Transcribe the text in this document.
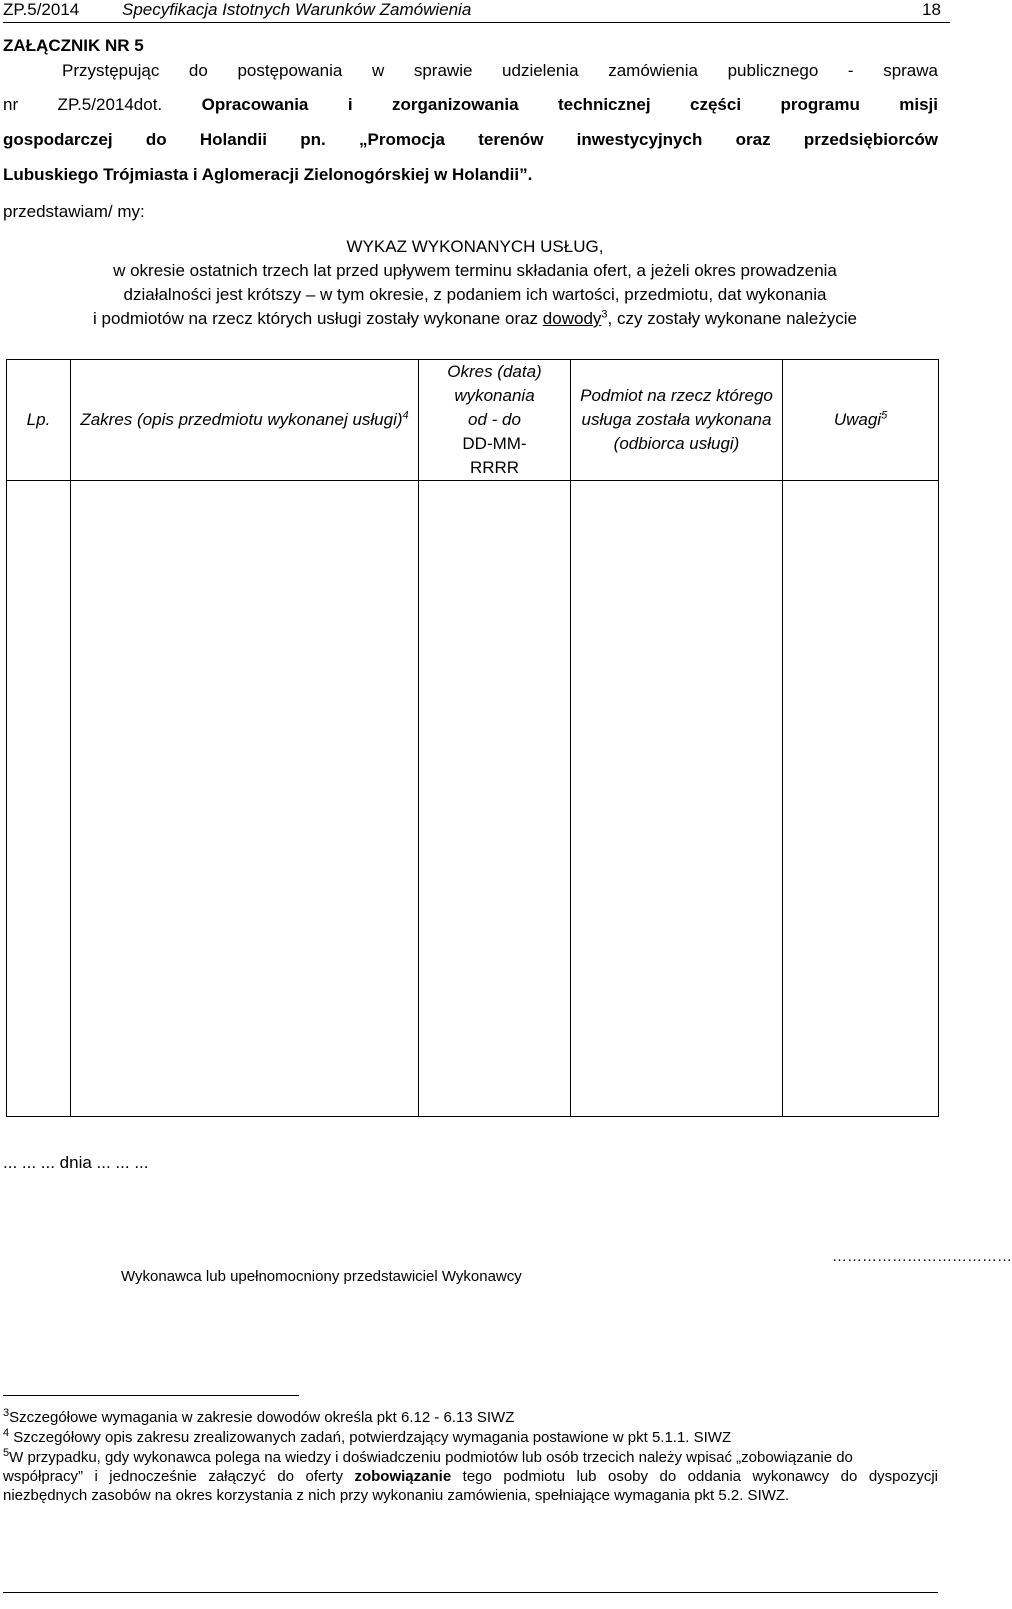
ZP.5/2014	Specyfikacja Istotnych Warunków Zamówienia	18
ZAŁĄCZNIK NR 5
Przystępując do postępowania w sprawie udzielenia zamówienia publicznego - sprawa
nr ZP.5/2014dot. Opracowania i zorganizowania technicznej części programu misji
gospodarczej do Holandii pn. „Promocja terenów inwestycyjnych oraz przedsiębiorców
Lubuskiego Trójmiasta i Aglomeracji Zielonogórskiej w Holandii”.
przedstawiam/ my:
WYKAZ WYKONANYCH USŁUG,
w okresie ostatnich trzech lat przed upływem terminu składania ofert, a jeżeli okres prowadzenia
działalności jest krótszy – w tym okresie, z podaniem ich wartości, przedmiotu, dat wykonania
i podmiotów na rzecz których usługi zostały wykonane oraz dowody$^3$, czy zostały wykonane należycie
Lp.	Zakres (opis przedmiotu wykonanej usługi)$^4$	Okres (data)
wykonania
od - do
DD-MM-
RRRR	Podmiot na rzecz którego usługa została wykonana (odbiorca usługi)	Uwagi$^5$

... ... ... dnia ... ... ...
………………………………
Wykonawca lub upełnomocniony przedstawiciel Wykonawcy
$^3$Szczegółowe wymagania w zakresie dowodów określa pkt 6.12 - 6.13 SIWZ
$^4$ Szczegółowy opis zakresu zrealizowanych zadań, potwierdzający wymagania postawione w pkt 5.1.1. SIWZ
$^5$W przypadku, gdy wykonawca polega na wiedzy i doświadczeniu podmiotów lub osób trzecich należy wpisać „zobowiązanie do
współpracy” i jednocześnie załączyć do oferty zobowiązanie tego podmiotu lub osoby do oddania wykonawcy do dyspozycji
niezbędnych zasobów na okres korzystania z nich przy wykonaniu zamówienia, spełniające wymagania pkt 5.2. SIWZ.
